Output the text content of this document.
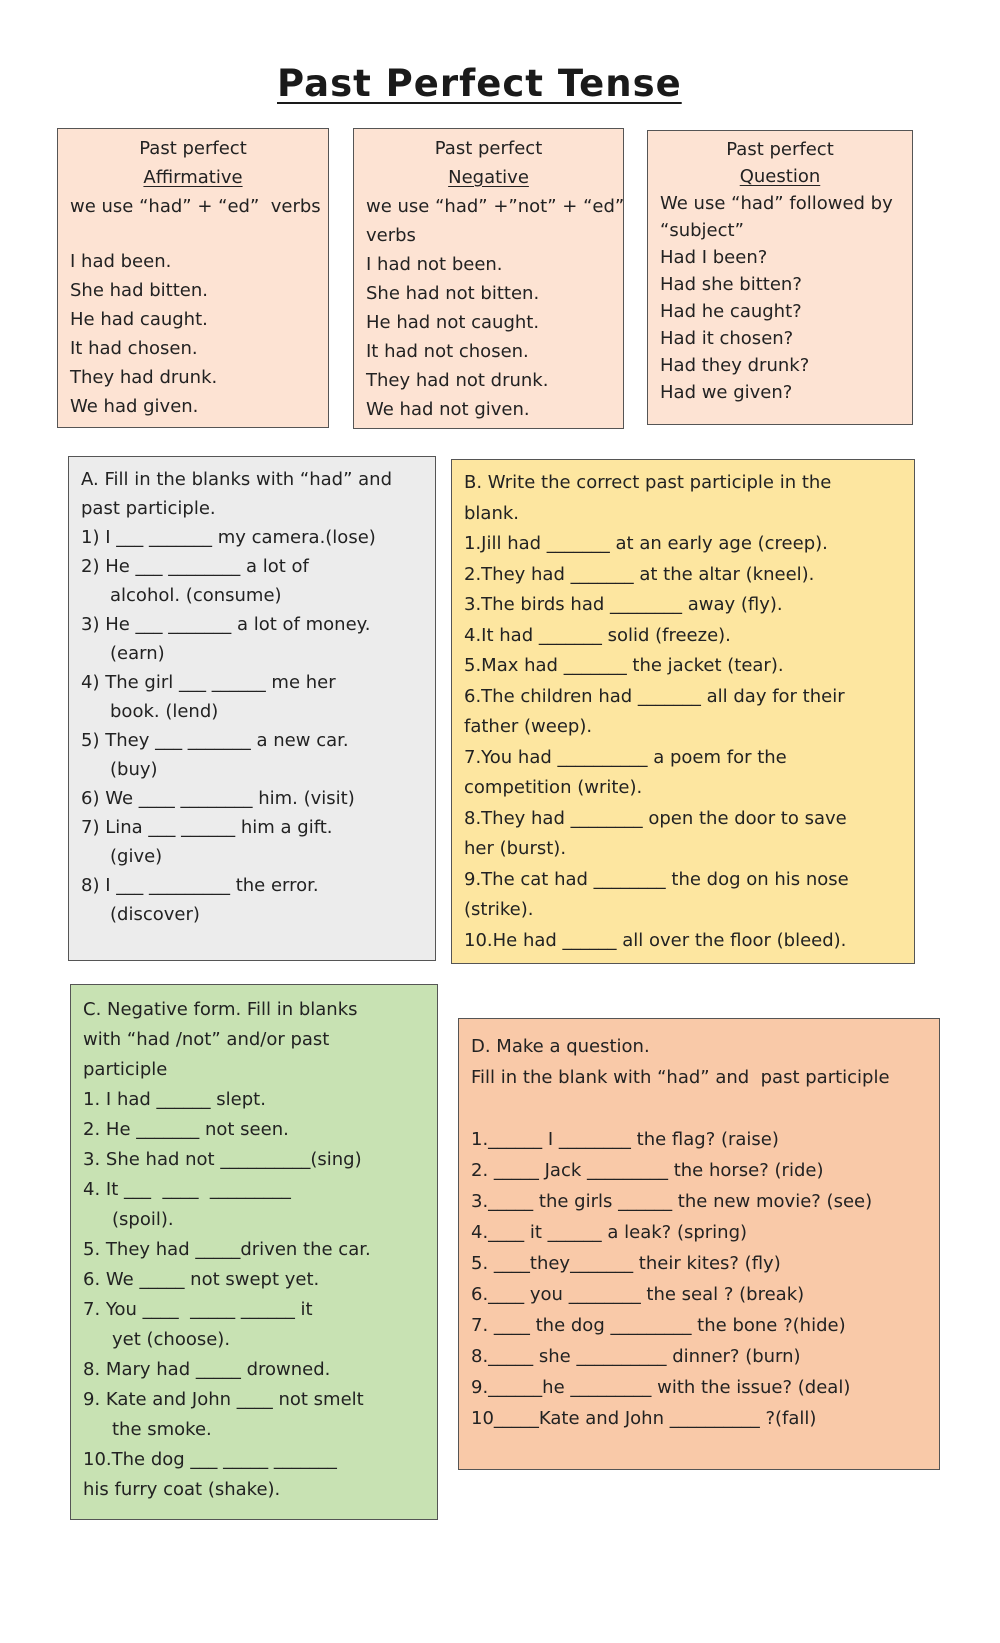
Past Perfect Tense

Past perfect

Affirmative

we use “had” + “ed”  verbs

I had been.

She had bitten.

He had caught.

It had chosen.

They had drunk.

We had given.

Past perfect

Negative

we use “had” +”not” + “ed”

verbs

I had not been.

She had not bitten.

He had not caught.

It had not chosen.

They had not drunk.

We had not given.

Past perfect

Question

We use “had” followed by

“subject”

Had I been?

Had she bitten?

Had he caught?

Had it chosen?

Had they drunk?

Had we given?

A. Fill in the blanks with “had” and

past participle.

1) I ___ _______ my camera.(lose)

2) He ___ ________ a lot of

alcohol. (consume)

3) He ___ _______ a lot of money.

(earn)

4) The girl ___ ______ me her

book. (lend)

5) They ___ _______ a new car.

(buy)

6) We ____ ________ him. (visit)

7) Lina ___ ______ him a gift.

(give)

8) I ___ _________ the error.

(discover)

B. Write the correct past participle in the

blank.

1.Jill had _______ at an early age (creep).

2.They had _______ at the altar (kneel).

3.The birds had ________ away (fly).

4.It had _______ solid (freeze).

5.Max had _______ the jacket (tear).

6.The children had _______ all day for their

father (weep).

7.You had __________ a poem for the

competition (write).

8.They had ________ open the door to save

her (burst).

9.The cat had ________ the dog on his nose

(strike).

10.He had ______ all over the floor (bleed).

C. Negative form. Fill in blanks

with “had /not” and/or past

participle

1. I had ______ slept.

2. He _______ not seen.

3. She had not __________(sing)

4. It ___  ____  _________

(spoil).

5. They had _____driven the car.

6. We _____ not swept yet.

7. You ____  _____ ______ it

yet (choose).

8. Mary had _____ drowned.

9. Kate and John ____ not smelt

the smoke.

10.The dog ___ _____ _______

his furry coat (shake).

D. Make a question.

Fill in the blank with “had” and  past participle

1.______ I ________ the flag? (raise)

2. _____ Jack _________ the horse? (ride)

3._____ the girls ______ the new movie? (see)

4.____ it ______ a leak? (spring)

5. ____they_______ their kites? (fly)

6.____ you ________ the seal ? (break)

7. ____ the dog _________ the bone ?(hide)

8._____ she __________ dinner? (burn)

9.______he _________ with the issue? (deal)

10_____Kate and John __________ ?(fall)
